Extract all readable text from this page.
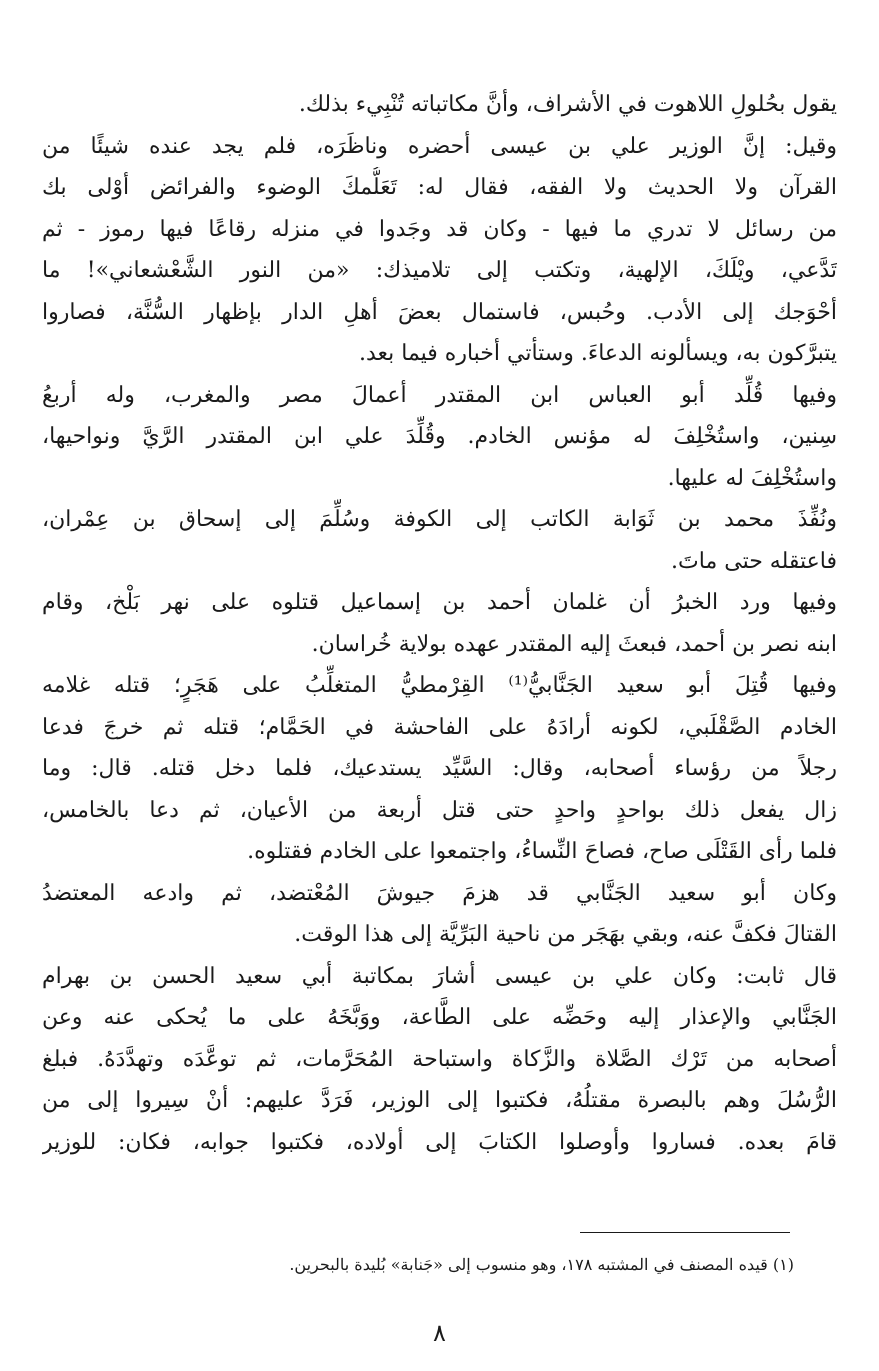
يقول بحُلولِ اللاهوت في الأشراف، وأنَّ مكاتباته تُنْبِيء بذلك.
وقيل: إنَّ الوزير علي بن عيسى أحضره وناظَرَه، فلم يجد عنده شيئًا من
القرآن ولا الحديث ولا الفقه، فقال له: تَعَلُّمكَ الوضوء والفرائض أوْلى بك
من رسائل لا تدري ما فيها - وكان قد وجَدوا في منزله رقاعًا فيها رموز - ثم
تَدَّعي، ويْلَكَ، الإلهية، وتكتب إلى تلاميذك: «من النور الشَّعْشعاني»! ما
أحْوَجك إلى الأدب. وحُبس، فاستمال بعضَ أهلِ الدار بإظهار السُّنَّة، فصاروا
يتبرَّكون به، ويسألونه الدعاءَ. وستأتي أخباره فيما بعد.
وفيها قُلِّد أبو العباس ابن المقتدر أعمالَ مصر والمغرب، وله أربعُ
سِنين، واستُخْلِفَ له مؤنس الخادم. وقُلِّدَ علي ابن المقتدر الرَّيَّ ونواحيها،
واستُخْلِفَ له عليها.
ونُفِّذَ محمد بن ثَوَابة الكاتب إلى الكوفة وسُلِّمَ إلى إسحاق بن عِمْران،
فاعتقله حتى ماتَ.
وفيها ورد الخبرُ أن غلمان أحمد بن إسماعيل قتلوه على نهر بَلْخ، وقام
ابنه نصر بن أحمد، فبعثَ إليه المقتدر عهده بولاية خُراسان.
وفيها قُتِلَ أبو سعيد الجَنَّابيُّ⁽¹⁾ القِرْمطيُّ المتغلِّبُ على هَجَرٍ؛ قتله غلامه
الخادم الصَّقْلَبي، لكونه أرادَهُ على الفاحشة في الحَمَّام؛ قتله ثم خرجَ فدعا
رجلاً من رؤساء أصحابه، وقال: السَّيِّد يستدعيك، فلما دخل قتله. قال: وما
زال يفعل ذلك بواحدٍ واحدٍ حتى قتل أربعة من الأعيان، ثم دعا بالخامس،
فلما رأى القَتْلَى صاح، فصاحَ النِّساءُ، واجتمعوا على الخادم فقتلوه.
وكان أبو سعيد الجَنَّابي قد هزمَ جيوشَ المُعْتضد، ثم وادعه المعتضدُ
القتالَ فكفَّ عنه، وبقي بهَجَر من ناحية البَرِّيَّة إلى هذا الوقت.
قال ثابت: وكان علي بن عيسى أشارَ بمكاتبة أبي سعيد الحسن بن بهرام
الجَنَّابي والإعذار إليه وحَضِّه على الطَّاعة، ووَبَّخَهُ على ما يُحكى عنه وعن
أصحابه من تَرْك الصَّلاة والزَّكاة واستباحة المُحَرَّمات، ثم توعَّدَه وتهدَّدَهُ. فبلغ
الرُّسُلَ وهم بالبصرة مقتلُهُ، فكتبوا إلى الوزير، فَرَدَّ عليهم: أنْ سِيروا إلى من
قامَ بعده. فساروا وأوصلوا الكتابَ إلى أولاده، فكتبوا جوابه، فكان: للوزير
(١) قيده المصنف في المشتبه ١٧٨، وهو منسوب إلى «جَنابة» بُليدة بالبحرين.
٨
